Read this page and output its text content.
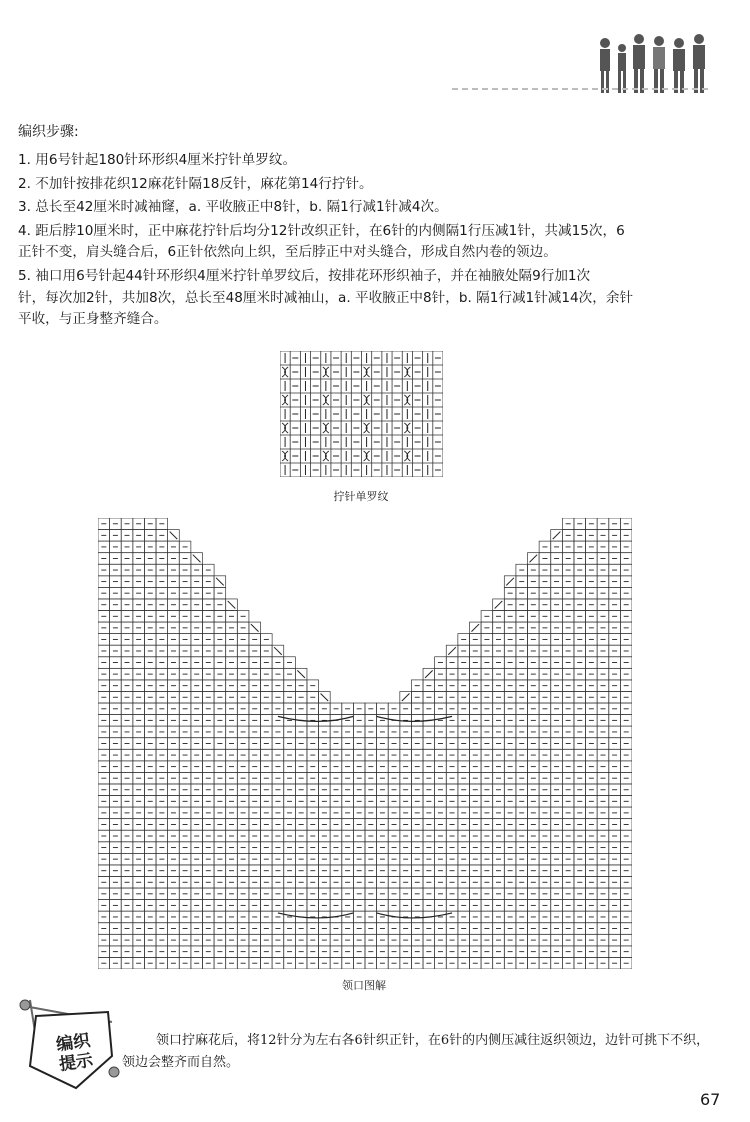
编织步骤:

1. 用6号针起180针环形织4厘米拧针单罗纹。

2. 不加针按排花织12麻花针隔18反针，麻花第14行拧针。

3. 总长至42厘米时减袖窿，a. 平收腋正中8针，b. 隔1行减1针减4次。

4. 距后脖10厘米时，正中麻花拧针后均分12针改织正针，在6针的内侧隔1行压减1针，共减15次，6

正针不变，肩头缝合后，6正针依然向上织，至后脖正中对头缝合，形成自然内卷的领边。

5. 袖口用6号针起44针环形织4厘米拧针单罗纹后，按排花环形织袖子，并在袖腋处隔9行加1次

针，每次加2针，共加8次，总长至48厘米时减袖山，a. 平收腋正中8针，b. 隔1行减1针减14次，余针

平收，与正身整齐缝合。

拧针单罗纹
领口图解
编织提示
领口拧麻花后，将12针分为左右各6针织正针，在6针的内侧压减往返织领边，边针可挑下不织，领边会整齐而自然。
67
